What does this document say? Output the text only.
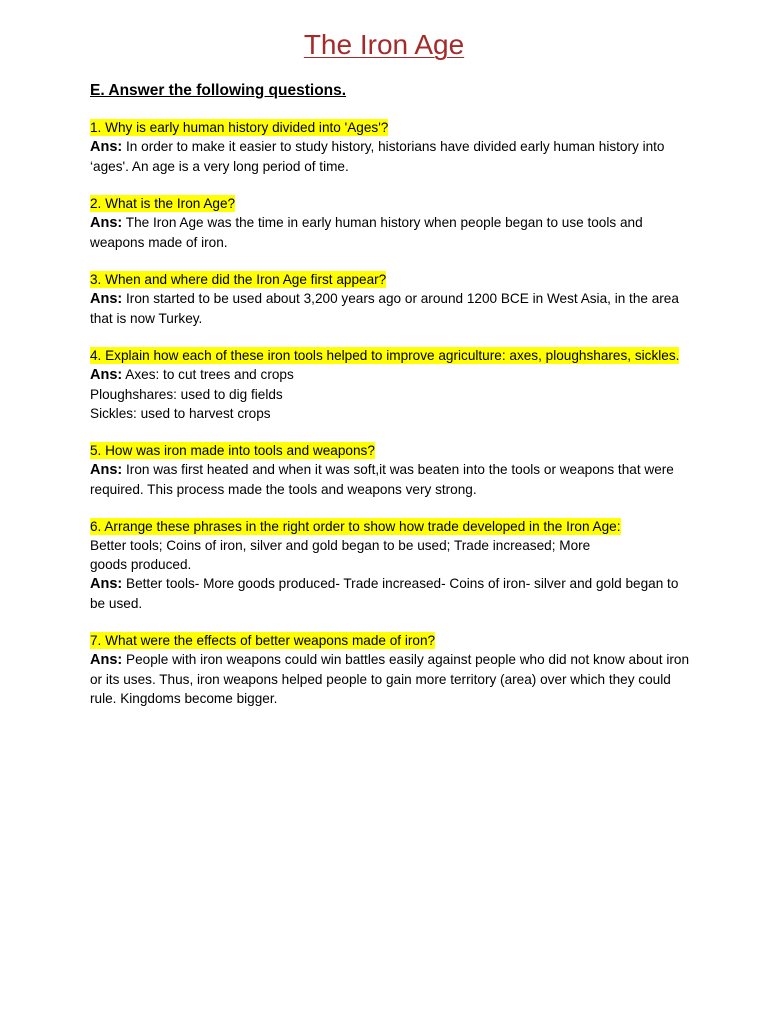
The Iron Age
E. Answer the following questions.

1. Why is early human history divided into 'Ages'?

Ans: In order to make it easier to study history, historians have divided early human history into ‘ages'. An age is a very long period of time.

2. What is the Iron Age?

Ans: The Iron Age was the time in early human history when people began to use tools and weapons made of iron.

3. When and where did the Iron Age first appear?

Ans: Iron started to be used about 3,200 years ago or around 1200 BCE in West Asia, in the area that is now Turkey.

4. Explain how each of these iron tools helped to improve agriculture: axes, ploughshares, sickles.

Ans: Axes: to cut trees and crops

Ploughshares: used to dig fields

Sickles: used to harvest crops

5. How was iron made into tools and weapons?

Ans: Iron was first heated and when it was soft,it was beaten into the tools or weapons that were required. This process made the tools and weapons very strong.

6. Arrange these phrases in the right order to show how trade developed in the Iron Age:

Better tools; Coins of iron, silver and gold began to be used; Trade increased; More

goods produced.

Ans: Better tools- More goods produced- Trade increased- Coins of iron- silver and gold began to be used.

7. What were the effects of better weapons made of iron?

Ans: People with iron weapons could win battles easily against people who did not know about iron or its uses. Thus, iron weapons helped people to gain more territory (area) over which they could rule. Kingdoms become bigger.
